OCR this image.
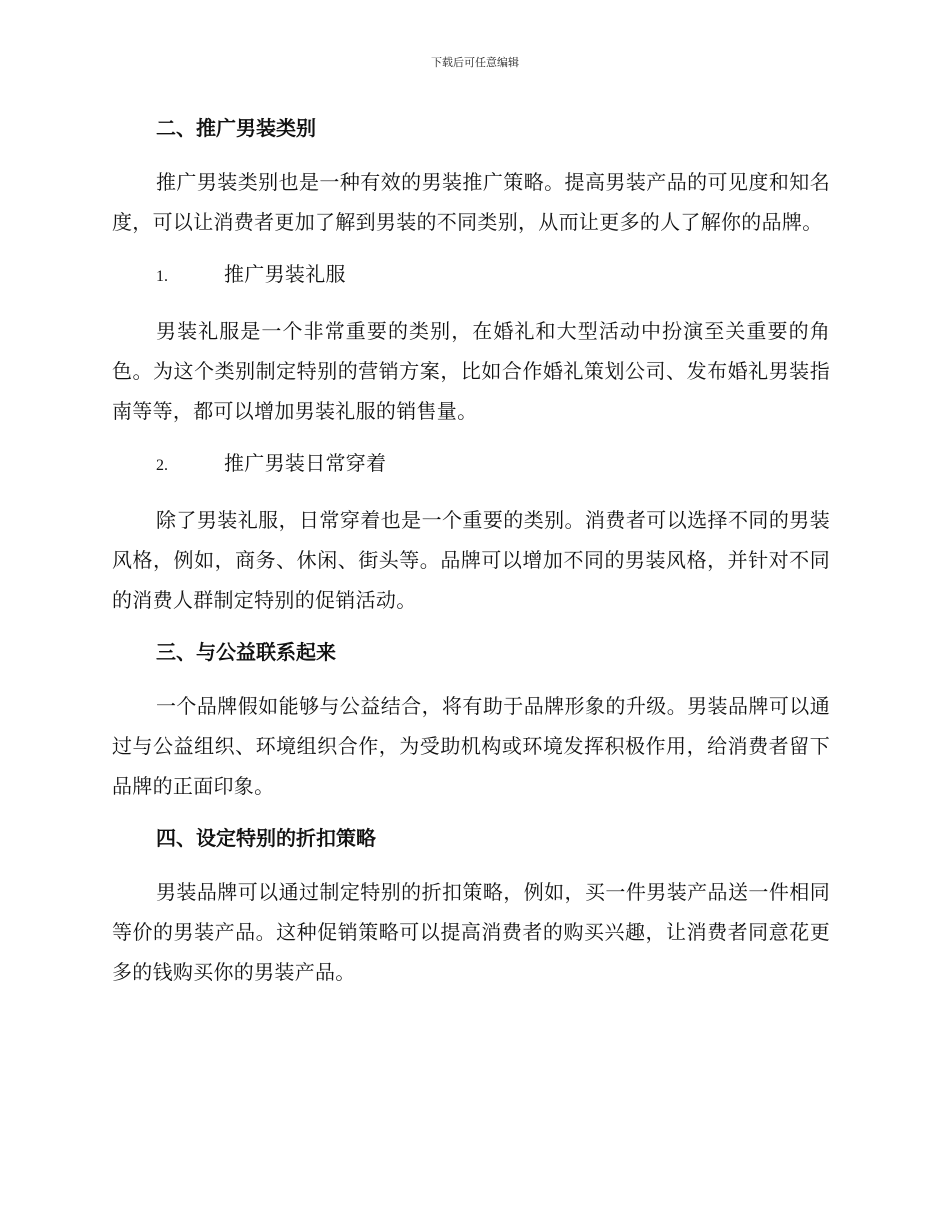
下载后可任意编辑
二、推广男装类别

推广男装类别也是一种有效的男装推广策略。提高男装产品的可见度和知名度，可以让消费者更加了解到男装的不同类别，从而让更多的人了解你的品牌。

1.	推广男装礼服

男装礼服是一个非常重要的类别，在婚礼和大型活动中扮演至关重要的角色。为这个类别制定特别的营销方案，比如合作婚礼策划公司、发布婚礼男装指南等等，都可以增加男装礼服的销售量。

2.	推广男装日常穿着

除了男装礼服，日常穿着也是一个重要的类别。消费者可以选择不同的男装风格，例如，商务、休闲、街头等。品牌可以增加不同的男装风格，并针对不同的消费人群制定特别的促销活动。

三、与公益联系起来

一个品牌假如能够与公益结合，将有助于品牌形象的升级。男装品牌可以通过与公益组织、环境组织合作，为受助机构或环境发挥积极作用，给消费者留下品牌的正面印象。

四、设定特别的折扣策略

男装品牌可以通过制定特别的折扣策略，例如，买一件男装产品送一件相同等价的男装产品。这种促销策略可以提高消费者的购买兴趣，让消费者同意花更多的钱购买你的男装产品。
